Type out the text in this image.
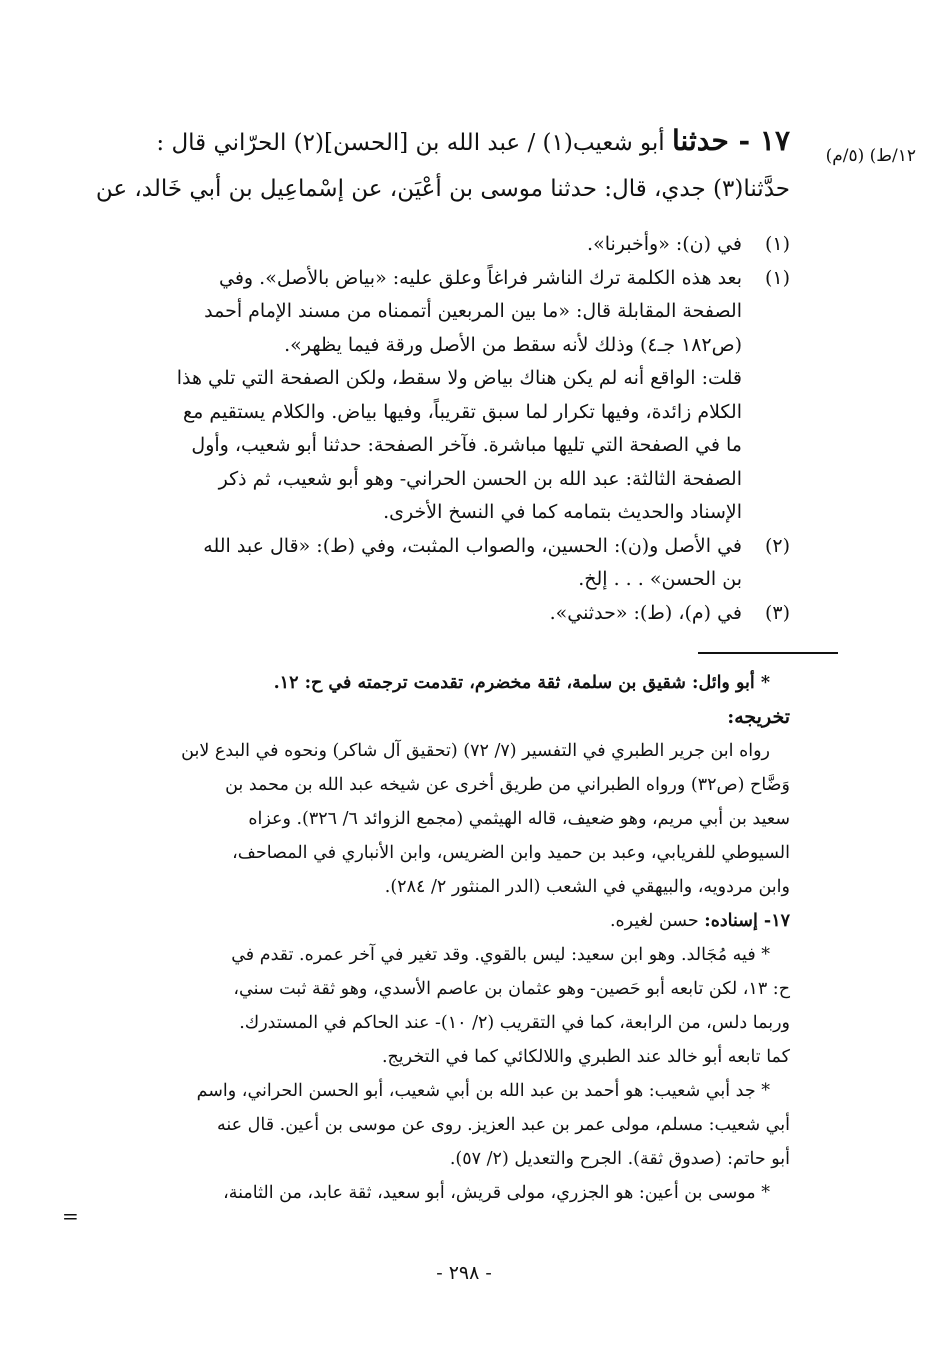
١٢/ط) (٥/م)

١٧ - حدثنا أبو شعيب(١) / عبد الله بن [الحسن](٢) الحرّاني قال :

حدَّثنا(٣) جدي، قال: حدثنا موسى بن أعْيَن، عن إسْماعِيل بن أبي خَالد، عن

(١)

في (ن): «وأخبرنا».

(١)

بعد هذه الكلمة ترك الناشر فراغاً وعلق عليه: «بياض بالأصل». وفي

الصفحة المقابلة قال: «ما بين المربعين أتممناه من مسند الإمام أحمد

(ص١٨٢ جـ٤) وذلك لأنه سقط من الأصل ورقة فيما يظهر».

قلت: الواقع أنه لم يكن هناك بياض ولا سقط، ولكن الصفحة التي تلي هذا

الكلام زائدة، وفيها تكرار لما سبق تقريباً، وفيها بياض. والكلام يستقيم مع

ما في الصفحة التي تليها مباشرة. فآخر الصفحة: حدثنا أبو شعيب، وأول

الصفحة الثالثة: عبد الله بن الحسن الحراني- وهو أبو شعيب، ثم ذكر

الإسناد والحديث بتمامه كما في النسخ الأخرى.

(٢)

في الأصل و(ن): الحسين، والصواب المثبت، وفي (ط): «قال عبد الله

بن الحسن» . . . إلخ.

(٣)

في (م)، (ط): «حدثني».

* أبو وائل: شقيق بن سلمة، ثقة مخضرم، تقدمت ترجمته في ح: ١٢.

تخريجه:

رواه ابن جرير الطبري في التفسير (٧/ ٧٢) (تحقيق آل شاكر) ونحوه في البدع لابن

وَضَّاح (ص٣٢) ورواه الطبراني من طريق أخرى عن شيخه عبد الله بن محمد بن

سعيد بن أبي مريم، وهو ضعيف، قاله الهيثمي (مجمع الزوائد ٦/ ٣٢٦). وعزاه

السيوطي للفريابي، وعبد بن حميد وابن الضريس، وابن الأنباري في المصاحف،

وابن مردويه، والبيهقي في الشعب (الدر المنثور ٢/ ٢٨٤).

١٧- إسناده: حسن لغيره.

* فيه مُجَالد. وهو ابن سعيد: ليس بالقوي. وقد تغير في آخر عمره. تقدم في

ح: ١٣، لكن تابعه أبو حَصين- وهو عثمان بن عاصم الأسدي، وهو ثقة ثبت سني،

وربما دلس، من الرابعة، كما في التقريب (٢/ ١٠)- عند الحاكم في المستدرك.

كما تابعه أبو خالد عند الطبري واللالكائي كما في التخريج.

* جد أبي شعيب: هو أحمد بن عبد الله بن أبي شعيب، أبو الحسن الحراني، واسم

أبي شعيب: مسلم، مولى عمر بن عبد العزيز. روى عن موسى بن أعين. قال عنه

أبو حاتم: (صدوق ثقة). الجرح والتعديل (٢/ ٥٧).

* موسى بن أعين: هو الجزري، مولى قريش، أبو سعيد، ثقة عابد، من الثامنة،

=
- ٢٩٨ -
